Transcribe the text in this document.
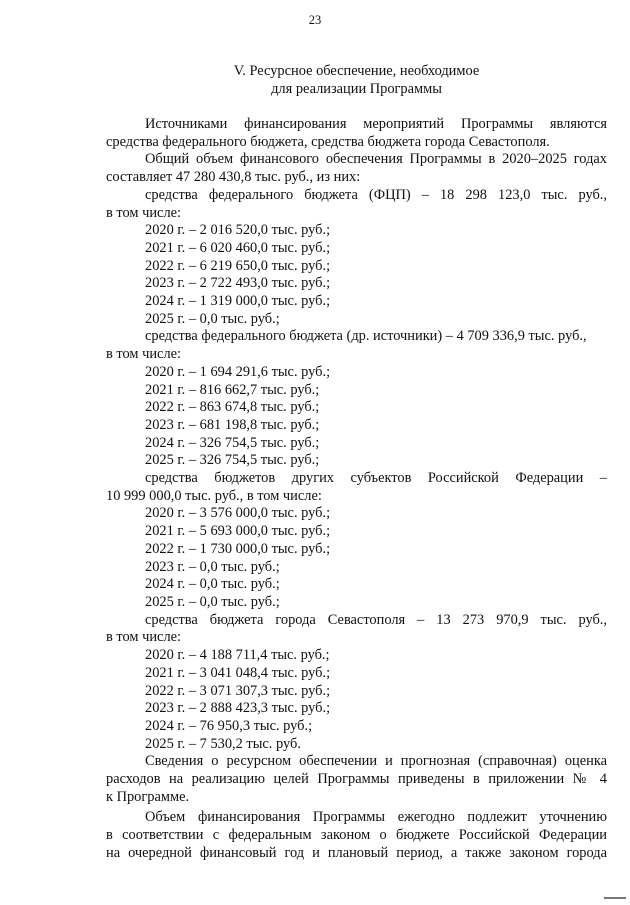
23
V. Ресурсное обеспечение, необходимое
для реализации Программы

Источниками финансирования мероприятий Программы являются

средства федерального бюджета, средства бюджета города Севастополя.

Общий объем финансового обеспечения Программы в 2020–2025 годах

составляет 47 280 430,8 тыс. руб., из них:

средства федерального бюджета (ФЦП) – 18 298 123,0 тыс. руб.,

в том числе:

2020 г. – 2 016 520,0 тыс. руб.;

2021 г. – 6 020 460,0 тыс. руб.;

2022 г. – 6 219 650,0 тыс. руб.;

2023 г. – 2 722 493,0 тыс. руб.;

2024 г. – 1 319 000,0 тыс. руб.;

2025 г. – 0,0 тыс. руб.;

средства федерального бюджета (др. источники) – 4 709 336,9 тыс. руб.,

в том числе:

2020 г. – 1 694 291,6 тыс. руб.;

2021 г. – 816 662,7 тыс. руб.;

2022 г. – 863 674,8 тыс. руб.;

2023 г. – 681 198,8 тыс. руб.;

2024 г. – 326 754,5 тыс. руб.;

2025 г. – 326 754,5 тыс. руб.;

средства бюджетов других субъектов Российской Федерации –

10 999 000,0 тыс. руб., в том числе:

2020 г. – 3 576 000,0 тыс. руб.;

2021 г. – 5 693 000,0 тыс. руб.;

2022 г. – 1 730 000,0 тыс. руб.;

2023 г. – 0,0 тыс. руб.;

2024 г. – 0,0 тыс. руб.;

2025 г. – 0,0 тыс. руб.;

средства бюджета города Севастополя – 13 273 970,9 тыс. руб.,

в том числе:

2020 г. – 4 188 711,4 тыс. руб.;

2021 г. – 3 041 048,4 тыс. руб.;

2022 г. – 3 071 307,3 тыс. руб.;

2023 г. – 2 888 423,3 тыс. руб.;

2024 г. – 76 950,3 тыс. руб.;

2025 г. – 7 530,2 тыс. руб.

Сведения о ресурсном обеспечении и прогнозная (справочная) оценка

расходов на реализацию целей Программы приведены в приложении № 4

к Программе.

Объем финансирования Программы ежегодно подлежит уточнению

в соответствии с федеральным законом о бюджете Российской Федерации

на очередной финансовый год и плановый период, а также законом города
